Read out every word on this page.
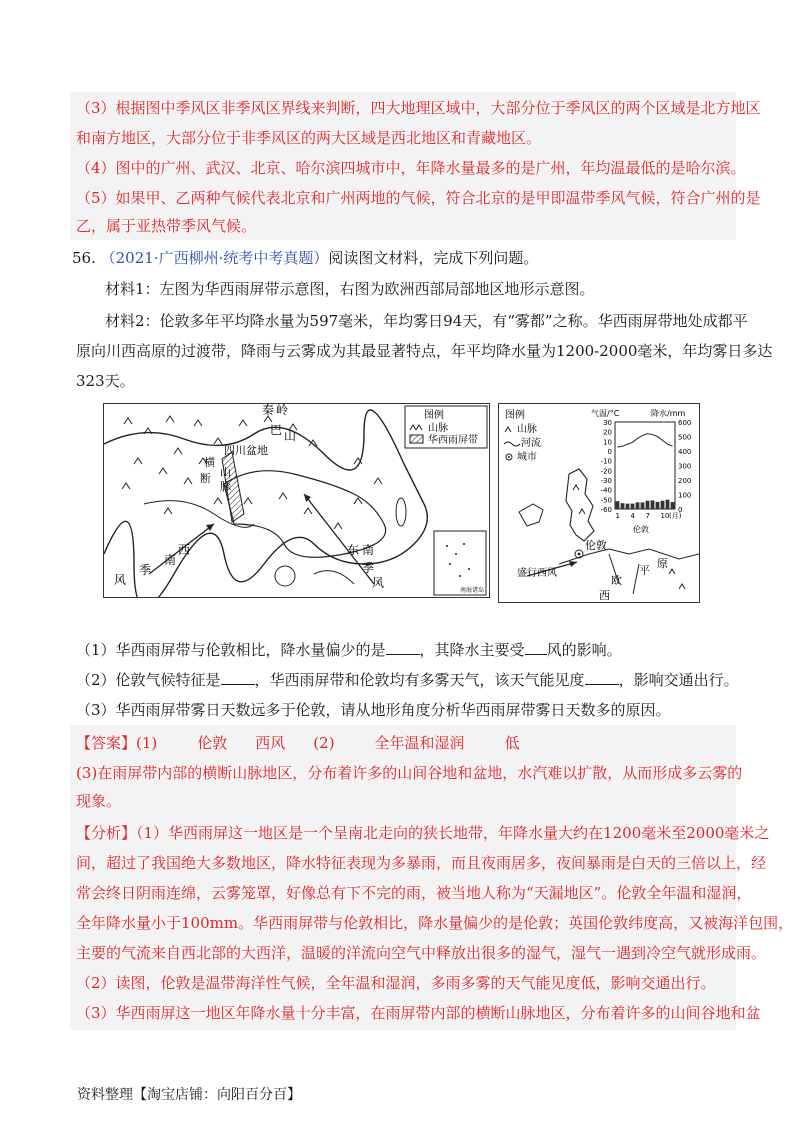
（3）根据图中季风区非季风区界线来判断，四大地理区域中，大部分位于季风区的两个区域是北方地区
和南方地区，大部分位于非季风区的两大区域是西北地区和青藏地区。
（4）图中的广州、武汉、北京、哈尔滨四城市中，年降水量最多的是广州，年均温最低的是哈尔滨。
（5）如果甲、乙两种气候代表北京和广州两地的气候，符合北京的是甲即温带季风气候，符合广州的是
乙，属于亚热带季风气候。
56. （2021·广西柳州·统考中考真题）阅读图文材料，完成下列问题。
材料1：左图为华西雨屏带示意图，右图为欧洲西部局部地区地形示意图。
材料2：伦敦多年平均降水量为597毫米，年均雾日94天，有“雾都”之称。华西雨屏带地处成都平
原向川西高原的过渡带，降雨与云雾成为其最显著特点，年平均降水量为1200-2000毫米，年均雾日多达
323天。
秦 岭
巴 山
四川盆地
横
断 山
脉
东 南
季
风
西
南
季
风
图例
山脉
华西雨屏带
南海诸岛
图例
山脉
河流
城市
气温/°C	降水/mm
30
20
10
0
-10
-20
-30
-40
-50
-60
600
500
400
300
200
100
0
1 4 7 10 (月)
伦敦
伦敦
盛行西风	平
原
西
欧
（1）华西雨屏带与伦敦相比，降水量偏少的是 ，其降水主要受 风的影响。
（2）伦敦气候特征是 ，华西雨屏带和伦敦均有多雾天气，该天气能见度 ，影响交通出行。
（3）华西雨屏带雾日天数远多于伦敦，请从地形角度分析华西雨屏带雾日天数多的原因。
【答案】(1)	伦敦 西风 (2)	全年温和湿润	低
(3)在雨屏带内部的横断山脉地区，分布着许多的山间谷地和盆地，水汽难以扩散，从而形成多云雾的
现象。
【分析】（1）华西雨屏这一地区是一个呈南北走向的狭长地带，年降水量大约在1200毫米至2000毫米之
间，超过了我国绝大多数地区，降水特征表现为多暴雨，而且夜雨居多，夜间暴雨是白天的三倍以上，经
常会终日阴雨连绵，云雾笼罩，好像总有下不完的雨，被当地人称为“天漏地区”。伦敦全年温和湿润，
全年降水量小于100mm。华西雨屏带与伦敦相比，降水量偏少的是伦敦；英国伦敦纬度高，又被海洋包围，
主要的气流来自西北部的大西洋，温暖的洋流向空气中释放出很多的湿气，湿气一遇到冷空气就形成雨。
（2）读图，伦敦是温带海洋性气候，全年温和湿润，多雨多雾的天气能见度低，影响交通出行。
（3）华西雨屏这一地区年降水量十分丰富，在雨屏带内部的横断山脉地区，分布着许多的山间谷地和盆
资料整理【淘宝店铺：向阳百分百】
